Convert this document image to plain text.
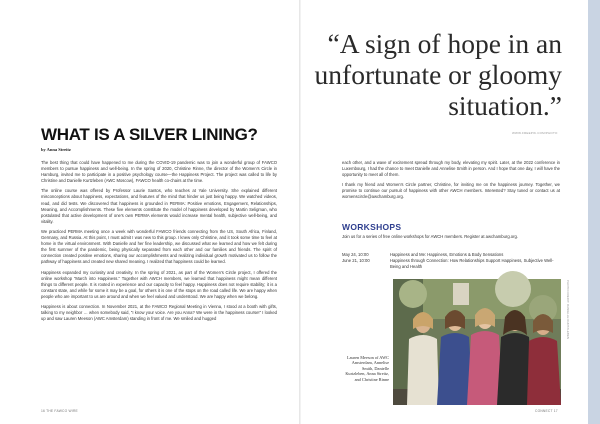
“A sign of hope in an unfortunate or gloomy situation.”
WWW.FREEPIK.COM/PHOTO
WHAT IS A SILVER LINING?
by Anna Streitz

The best thing that could have happened to me during the COVID-19 pandemic was to join a wonderful group of FAWCO members to pursue happiness and well-being. In the spring of 2020, Christine Rinne, the director of the Women's Circle in Hamburg, invited me to participate in a positive psychology course—the Happiness Project. The project was called to life by Christine and Danielle Kurtzleben (AWC Moscow), FAWCO health co-chairs at the time.

The online course was offered by Professor Laurie Santos, who teaches at Yale University. She explained different misconceptions about happiness, expectations, and features of the mind that hinder us just being happy. We watched videos, read, and did tests. We discovered that happiness is grounded in PERMA: Positive emotions, Engagement, Relationships, Meaning, and Accomplishments. These five elements constitute the model of happiness developed by Martin Seligman, who postulated that active development of one's own PERMA elements would increase mental health, subjective well-being, and vitality.

We practiced PERMA meeting once a week with wonderful FAWCO friends connecting from the US, South Africa, Finland, Germany, and Russia. At this point, I must admit I was new to this group. I knew only Christine, and it took some time to feel at home in the virtual environment. With Danielle and her fine leadership, we discussed what we learned and how we felt during the first summer of the pandemic, being physically separated from each other and our families and friends. The spirit of connection created positive emotions, sharing our accomplishments and realizing individual growth motivated us to follow the pathway of happiness and created new shared meaning. I realized that happiness could be learned.

Happiness expanded my curiosity and creativity. In the spring of 2021, as part of the Women's Circle project, I offered the online workshop “March into Happiness.” Together with AWCH members, we learned that happiness might mean different things to different people. It is rooted in experience and our capacity to feel happy. Happiness does not require stability; it is a constant state, and while for some it may be a goal, for others it is one of the stops on the road called life. We are happy when people who are important to us are around and when we feel valued and understood. We are happy when we belong.

Happiness is about connection. In November 2021, at the FAWCO Regional Meeting in Vienna, I stood at a booth with gifts, talking to my neighbor … when somebody said, “I know your voice. Are you Anna? We were in the happiness course!” I looked up and saw Lauren Meeson (AWC Amsterdam) standing in front of me. We smiled and hugged

each other, and a wave of excitement spread through my body, elevating my spirit. Later, at the 2022 conference in Luxembourg, I had the chance to meet Danielle and Annelise Smith in person. And I hope that one day, I will have the opportunity to meet all of them.

I thank my friend and Women's Circle partner, Christine, for inviting me on the happiness journey. Together, we promise to continue our pursuit of happiness with other AWCH members. Interested? Stay tuned or contact us at womenscircle@awchamburg.org.

WORKSHOPS
Join us for a series of free online workshops for AWCH members. Register at awchamburg.org.
May 24, 10:00	Happiness and Me: Happiness, Emotions & Body Sensations
June 21, 10:00	Happiness through Connection: How Relationships Support Happiness, Subjective Well-Being and Health
PHOTO CREDIT: DANIELLE KURTZLEBEN
Lauren Meeson of AWC Amsterdam, Annelise Smith, Danielle Kurtzleben, Anna Streitz, and Christine Rinne
16 THE FAWCO WIRE	CONNECT 17
